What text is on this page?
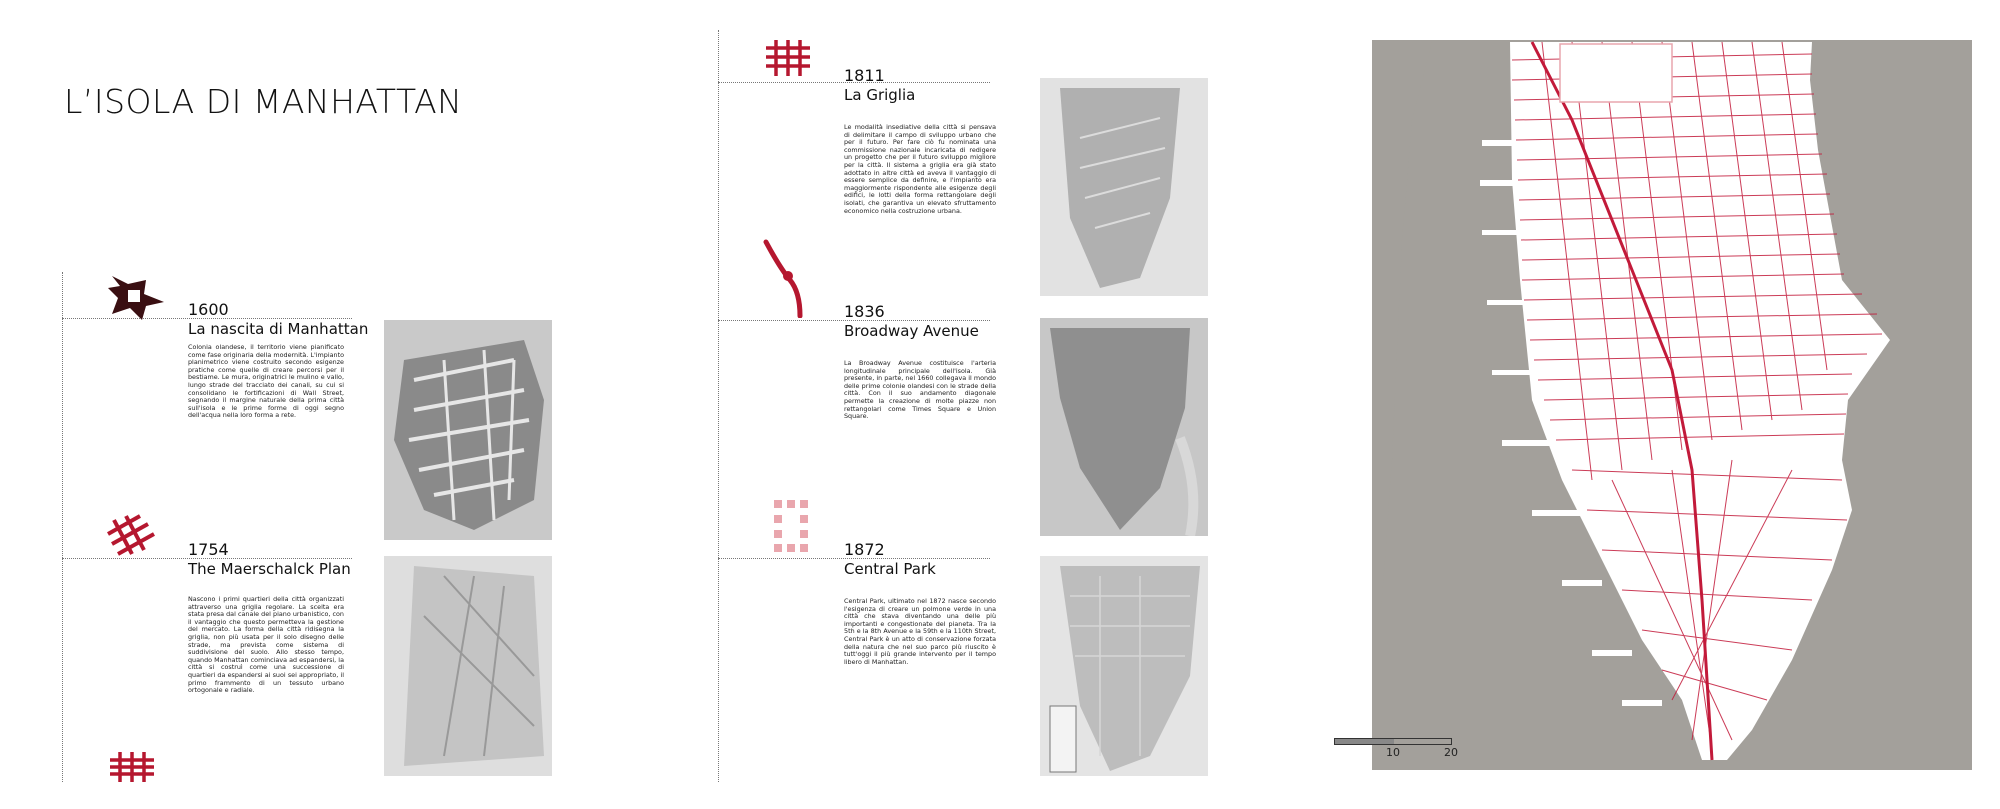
L’ISOLA DI MANHATTAN
1600
La nascita di Manhattan
Colonia olandese, il territorio viene pianificato come fase originaria della modernità. L'impianto planimetrico viene costruito secondo esigenze pratiche come quelle di creare percorsi per il bestiame. Le mura, originatrici le mulino e vallo, lungo strade del tracciato dei canali, su cui si consolidano le fortificazioni di Wall Street, segnando il margine naturale della prima città sull'isola e le prime forme di oggi segno dell'acqua nella loro forma a rete.
1754
The Maerschalck Plan
Nascono i primi quartieri della città organizzati attraverso una griglia regolare. La scelta era stata presa dal canale del piano urbanistico, con il vantaggio che questo permetteva la gestione del mercato. La forma della città ridisegna la griglia, non più usata per il solo disegno delle strade, ma prevista come sistema di suddivisione del suolo. Allo stesso tempo, quando Manhattan cominciava ad espandersi, la città si costruì come una successione di quartieri da espandersi ai suoi sei appropriato, il primo frammento di un tessuto urbano ortogonale e radiale.
1811
La Griglia
Le modalità insediative della città si pensava di delimitare il campo di sviluppo urbano che per il futuro. Per fare ciò fu nominata una commissione nazionale incaricata di redigere un progetto che per il futuro sviluppo migliore per la città. Il sistema a griglia era già stato adottato in altre città ed aveva il vantaggio di essere semplice da definire, e l'impianto era maggiormente rispondente alle esigenze degli edifici, le lotti della forma rettangolare degli isolati, che garantiva un elevato sfruttamento economico nella costruzione urbana.
1836
Broadway Avenue
La Broadway Avenue costituisce l'arteria longitudinale principale dell'isola. Già presente, in parte, nel 1660 collegava il mondo delle prime colonie olandesi con le strade della città. Con il suo andamento diagonale permette la creazione di molte piazze non rettangolari come Times Square e Union Square.
1872
Central Park
Central Park, ultimato nel 1872 nasce secondo l'esigenza di creare un polmone verde in una città che stava diventando una delle più importanti e congestionate del pianeta. Tra la 5th e la 8th Avenue e la 59th e la 110th Street, Central Park è un atto di conservazione forzata della natura che nel suo parco più riuscito è tutt'oggi il più grande intervento per il tempo libero di Manhattan.
10	20
